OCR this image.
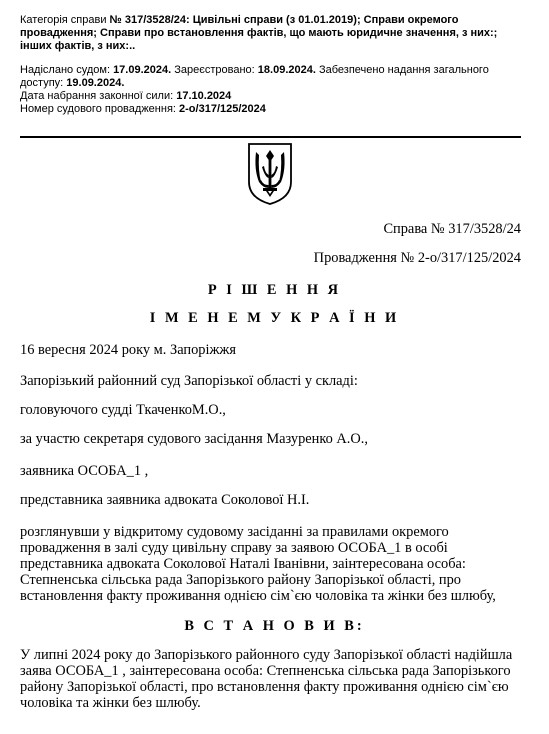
Категорія справи № 317/3528/24: Цивільні справи (з 01.01.2019); Справи окремого провадження; Справи про встановлення фактів, що мають юридичне значення, з них:; інших фактів, з них:..

Надіслано судом: 17.09.2024. Зареєстровано: 18.09.2024. Забезпечено надання загального доступу: 19.09.2024.

Дата набрання законної сили: 17.10.2024

Номер судового провадження: 2-о/317/125/2024

Справа № 317/3528/24

Провадження № 2-о/317/125/2024

Р І Ш Е Н Н Я

І М Е Н Е М У К Р А Ї Н И

16 вересня 2024 року м. Запоріжжя

Запорізький районний суд Запорізької області у складі:

головуючого судді ТкаченкоМ.О.,

за участю секретаря судового засідання Мазуренко А.О.,

заявника ОСОБА_1 ,

представника заявника адвоката Соколової Н.І.

розглянувши у відкритому судовому засіданні за правилами окремого провадження в залі суду цивільну справу за заявою ОСОБА_1 в особі представника адвоката Соколової Наталі Іванівни, заінтересована особа: Степненська сільська рада Запорізького району Запорізької області, про встановлення факту проживання однією сім`єю чоловіка та жінки без шлюбу,

В С Т А Н О В И В:

У липні 2024 року до Запорізького районного суду Запорізької області надійшла заява ОСОБА_1 , заінтересована особа: Степненська сільська рада Запорізького району Запорізької області, про встановлення факту проживання однією сім`єю чоловіка та жінки без шлюбу.
